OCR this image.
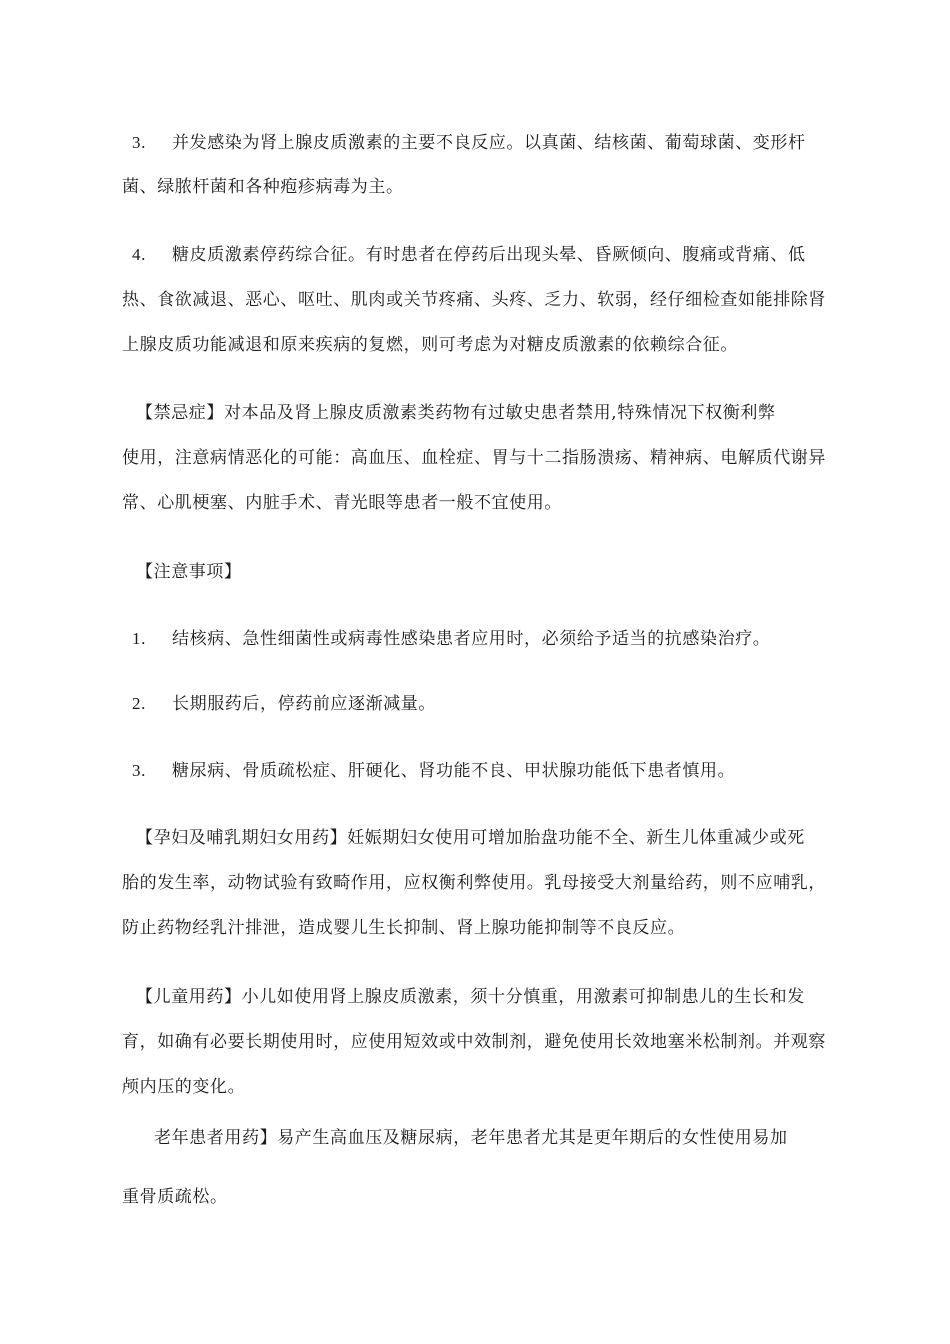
3. 并发感染为肾上腺皮质激素的主要不良反应。以真菌、结核菌、葡萄球菌、变形杆
菌、绿脓杆菌和各种疱疹病毒为主。
4. 糖皮质激素停药综合征。有时患者在停药后出现头晕、昏厥倾向、腹痛或背痛、低
热、食欲减退、恶心、呕吐、肌肉或关节疼痛、头疼、乏力、软弱，经仔细检查如能排除肾
上腺皮质功能减退和原来疾病的复燃，则可考虑为对糖皮质激素的依赖综合征。
【禁忌症】对本品及肾上腺皮质激素类药物有过敏史患者禁用,特殊情况下权衡利弊
使用，注意病情恶化的可能：高血压、血栓症、胃与十二指肠溃疡、精神病、电解质代谢异
常、心肌梗塞、内脏手术、青光眼等患者一般不宜使用。
【注意事项】
1. 结核病、急性细菌性或病毒性感染患者应用时，必须给予适当的抗感染治疗。
2. 长期服药后，停药前应逐渐减量。
3. 糖尿病、骨质疏松症、肝硬化、肾功能不良、甲状腺功能低下患者慎用。
【孕妇及哺乳期妇女用药】妊娠期妇女使用可增加胎盘功能不全、新生儿体重减少或死
胎的发生率，动物试验有致畸作用，应权衡利弊使用。乳母接受大剂量给药，则不应哺乳，
防止药物经乳汁排泄，造成婴儿生长抑制、肾上腺功能抑制等不良反应。
【儿童用药】小儿如使用肾上腺皮质激素，须十分慎重，用激素可抑制患儿的生长和发
育，如确有必要长期使用时，应使用短效或中效制剂，避免使用长效地塞米松制剂。并观察
颅内压的变化。
老年患者用药】易产生高血压及糖尿病，老年患者尤其是更年期后的女性使用易加
重骨质疏松。
